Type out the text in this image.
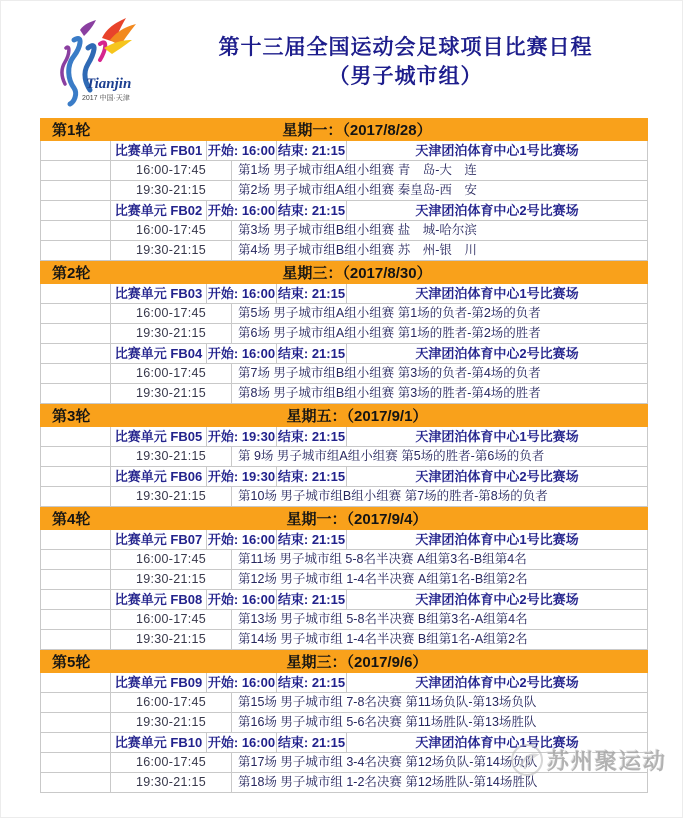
Tianjin
2017 中国·天津
第十三届全国运动会足球项目比赛日程
（男子城市组）
第1轮	星期一：（2017/8/28）
比赛单元 FB01 开始: 16:00 结束: 21:15	天津团泊体育中心1号比赛场
16:00-17:45	第1场 男子城市组A组小组赛 青　岛-大　连
19:30-21:15	第2场 男子城市组A组小组赛 秦皇岛-西　安
比赛单元 FB02 开始: 16:00 结束: 21:15	天津团泊体育中心2号比赛场
16:00-17:45	第3场 男子城市组B组小组赛 盐　城-哈尔滨
19:30-21:15	第4场 男子城市组B组小组赛 苏　州-银　川
第2轮	星期三：（2017/8/30）
比赛单元 FB03 开始: 16:00 结束: 21:15	天津团泊体育中心1号比赛场
16:00-17:45	第5场 男子城市组A组小组赛 第1场的负者-第2场的负者
19:30-21:15	第6场 男子城市组A组小组赛 第1场的胜者-第2场的胜者
比赛单元 FB04 开始: 16:00 结束: 21:15	天津团泊体育中心2号比赛场
16:00-17:45	第7场 男子城市组B组小组赛 第3场的负者-第4场的负者
19:30-21:15	第8场 男子城市组B组小组赛 第3场的胜者-第4场的胜者
第3轮	星期五：（2017/9/1）
比赛单元 FB05 开始: 19:30 结束: 21:15	天津团泊体育中心1号比赛场
19:30-21:15	第 9场 男子城市组A组小组赛 第5场的胜者-第6场的负者
比赛单元 FB06 开始: 19:30 结束: 21:15	天津团泊体育中心2号比赛场
19:30-21:15	第10场 男子城市组B组小组赛 第7场的胜者-第8场的负者
第4轮	星期一：（2017/9/4）
比赛单元 FB07 开始: 16:00 结束: 21:15	天津团泊体育中心1号比赛场
16:00-17:45	第11场 男子城市组 5-8名半决赛 A组第3名-B组第4名
19:30-21:15	第12场 男子城市组 1-4名半决赛 A组第1名-B组第2名
比赛单元 FB08 开始: 16:00 结束: 21:15	天津团泊体育中心2号比赛场
16:00-17:45	第13场 男子城市组 5-8名半决赛 B组第3名-A组第4名
19:30-21:15	第14场 男子城市组 1-4名半决赛 B组第1名-A组第2名
第5轮	星期三：（2017/9/6）
比赛单元 FB09 开始: 16:00 结束: 21:15	天津团泊体育中心2号比赛场
16:00-17:45	第15场 男子城市组 7-8名决赛 第11场负队-第13场负队
19:30-21:15	第16场 男子城市组 5-6名决赛 第11场胜队-第13场胜队
比赛单元 FB10 开始: 16:00 结束: 21:15	天津团泊体育中心1号比赛场
16:00-17:45	第17场 男子城市组 3-4名决赛 第12场负队-第14场负队
19:30-21:15	第18场 男子城市组 1-2名决赛 第12场胜队-第14场胜队
苏州聚运动
